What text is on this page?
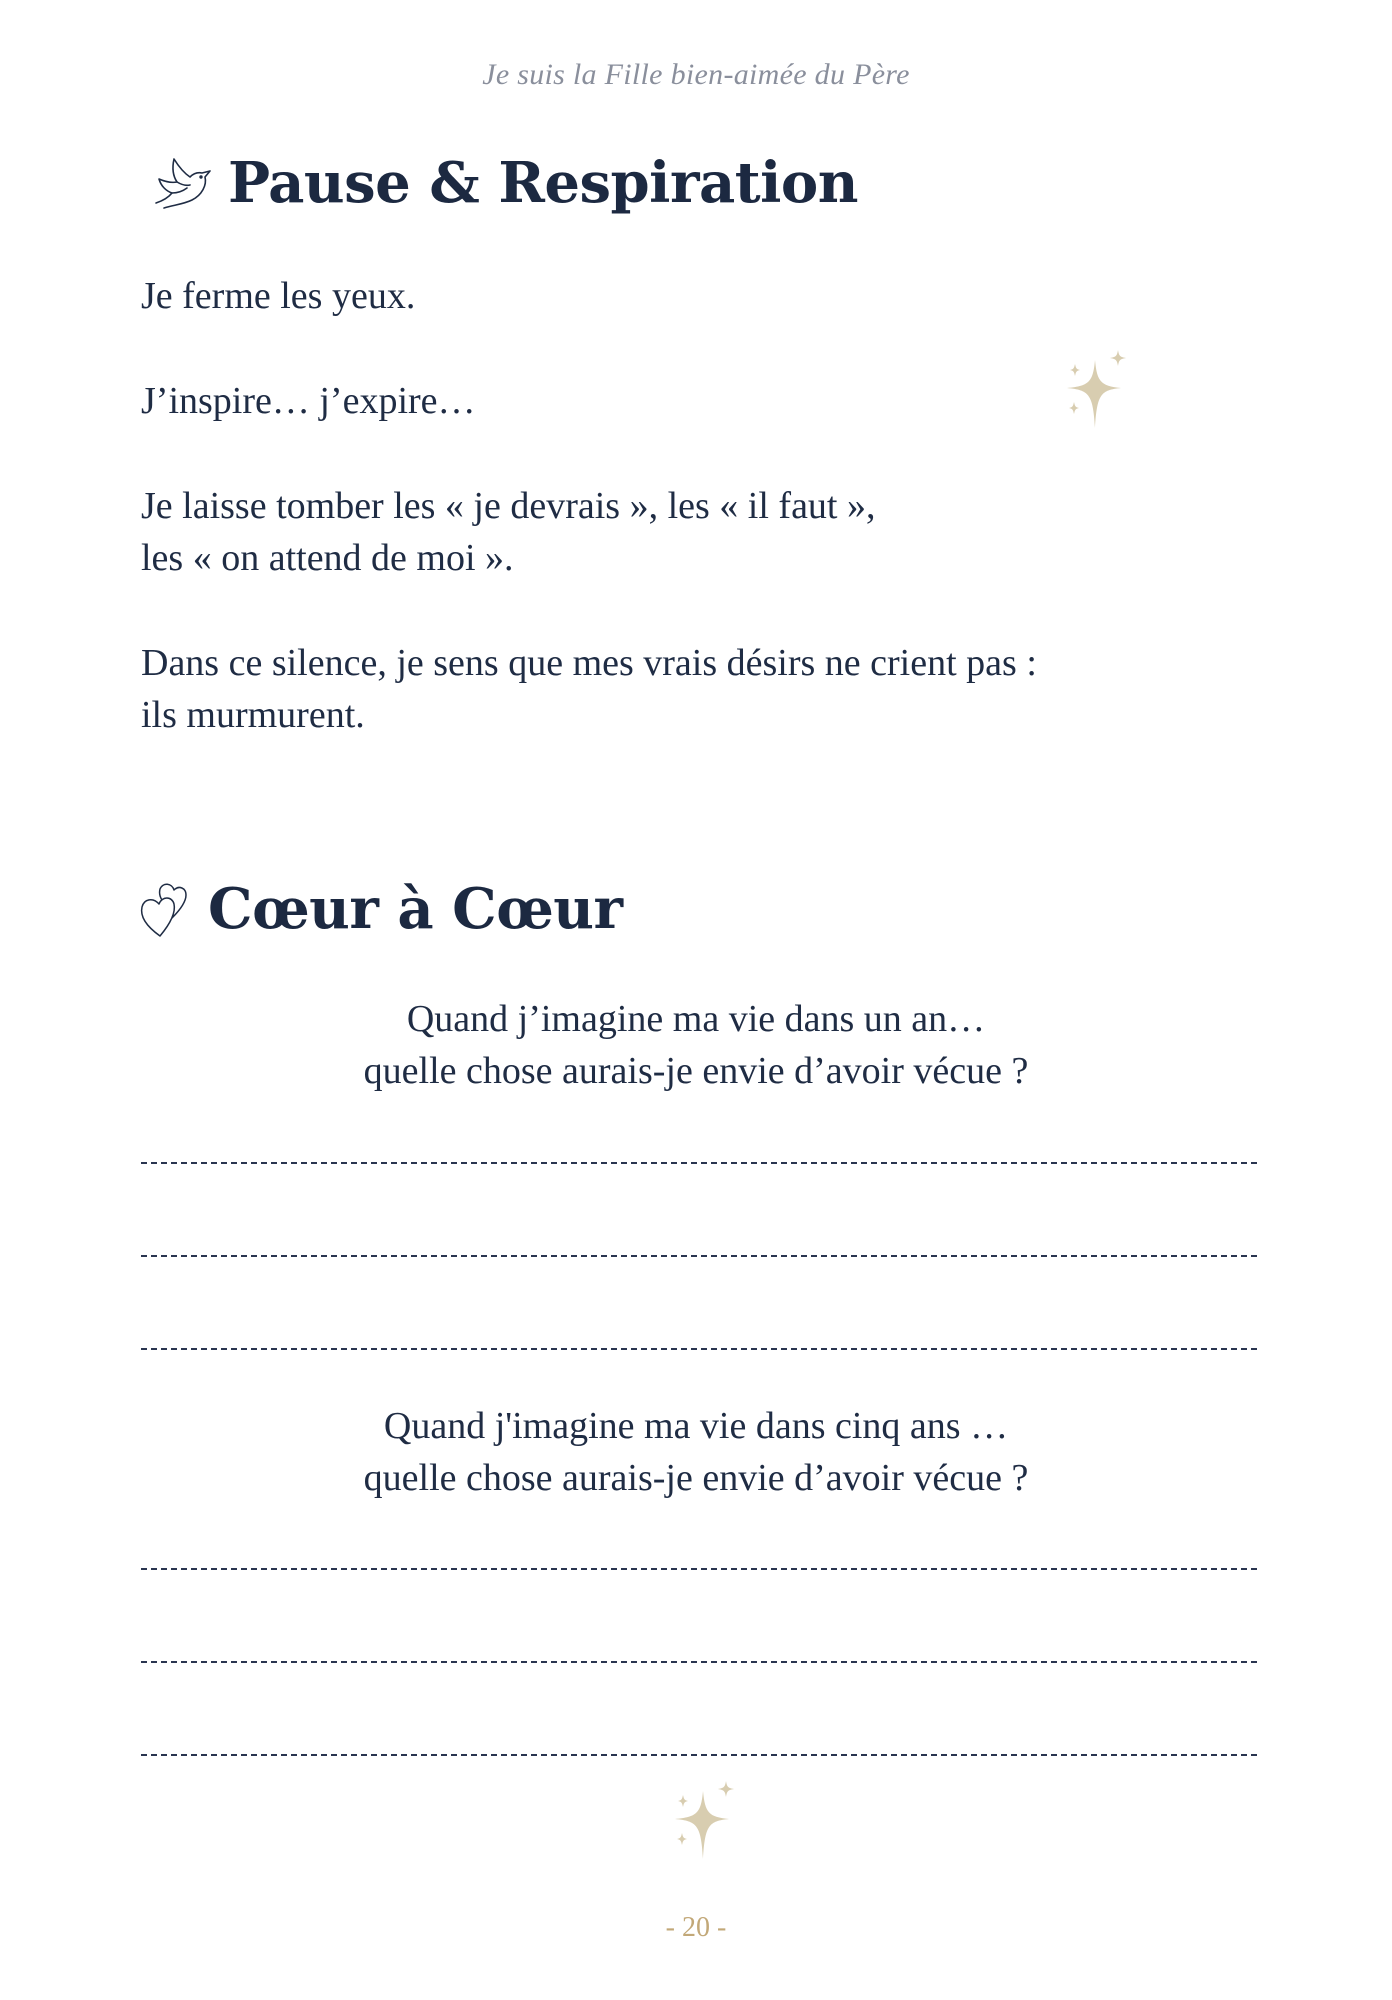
Je suis la Fille bien-aimée du Père
Pause & Respiration
Je ferme les yeux.
J’inspire… j’expire…
Je laisse tomber les « je devrais », les « il faut »,
les « on attend de moi ».
Dans ce silence, je sens que mes vrais désirs ne crient pas :
ils murmurent.
Cœur à Cœur
Quand j’imagine ma vie dans un an…
quelle chose aurais-je envie d’avoir vécue ?
Quand j'imagine ma vie dans cinq ans …
quelle chose aurais-je envie d’avoir vécue ?
- 20 -
